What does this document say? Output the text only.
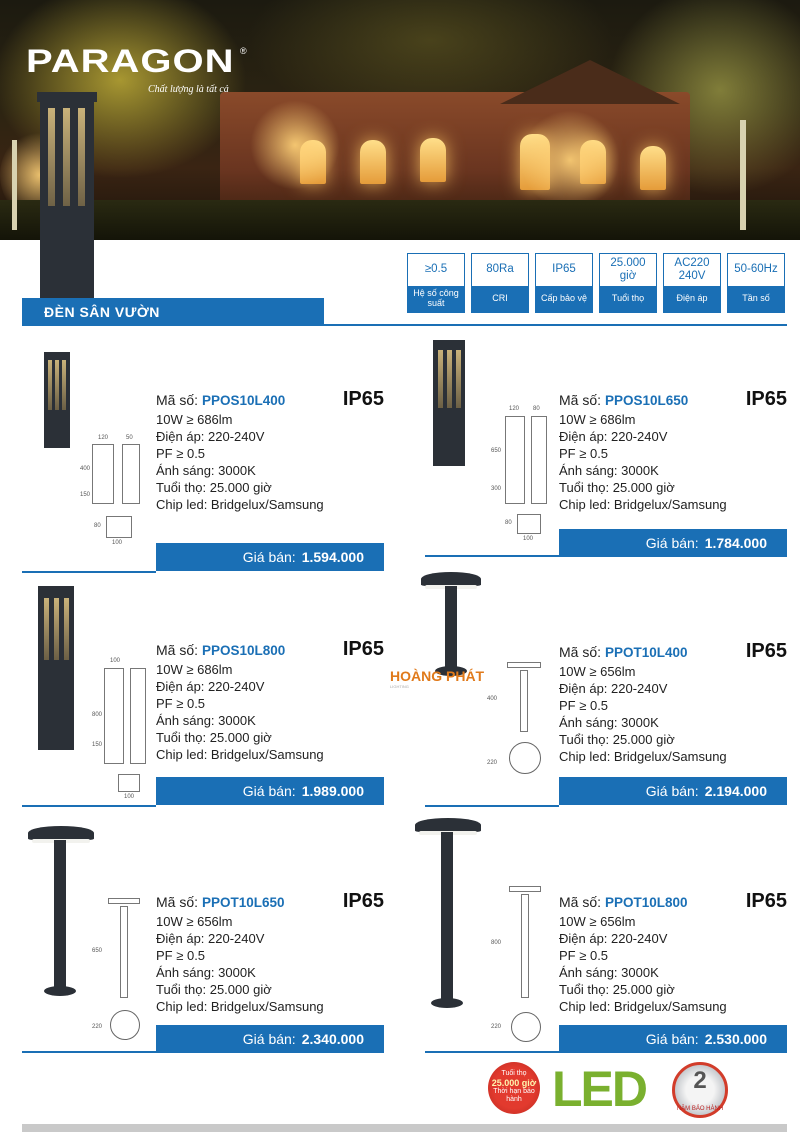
PARAGON ®
Chất lượng là tất cả
≥0.5
Hệ số công suất
80Ra
CRI
IP65
Cấp bảo vệ
25.000 giờ
Tuổi thọ
AC220 240V
Điện áp
50-60Hz
Tần số
ĐÈN SÂN VƯỜN
120	50
400
150
80
100
Mã số: PPOS10L400	IP65
10W ≥ 686lm
Điện áp: 220-240V
PF ≥ 0.5
Ánh sáng: 3000K
Tuổi thọ: 25.000 giờ
Chip led: Bridgelux/Samsung
Giá bán: 1.594.000
120 80
650
300
80
100
Mã số: PPOS10L650	IP65
10W ≥ 686lm
Điện áp: 220-240V
PF ≥ 0.5
Ánh sáng: 3000K
Tuổi thọ: 25.000 giờ
Chip led: Bridgelux/Samsung
Giá bán: 1.784.000
100
800
150
100
Mã số: PPOS10L800	IP65
10W ≥ 686lm
Điện áp: 220-240V
PF ≥ 0.5
Ánh sáng: 3000K
Tuổi thọ: 25.000 giờ
Chip led: Bridgelux/Samsung
Giá bán: 1.989.000
400
220
Mã số: PPOT10L400	IP65
10W ≥ 656lm
Điện áp: 220-240V
PF ≥ 0.5
Ánh sáng: 3000K
Tuổi thọ: 25.000 giờ
Chip led: Bridgelux/Samsung
Giá bán: 2.194.000
HOÀNG PHÁT
LIGHTING
650
220
Mã số: PPOT10L650	IP65
10W ≥ 656lm
Điện áp: 220-240V
PF ≥ 0.5
Ánh sáng: 3000K
Tuổi thọ: 25.000 giờ
Chip led: Bridgelux/Samsung
Giá bán: 2.340.000
800
220
Mã số: PPOT10L800	IP65
10W ≥ 656lm
Điện áp: 220-240V
PF ≥ 0.5
Ánh sáng: 3000K
Tuổi thọ: 25.000 giờ
Chip led: Bridgelux/Samsung
Giá bán: 2.530.000
Tuổi thọ
25.000 giờ
Thời hạn bảo hành LED	2
NĂM BẢO HÀNH
